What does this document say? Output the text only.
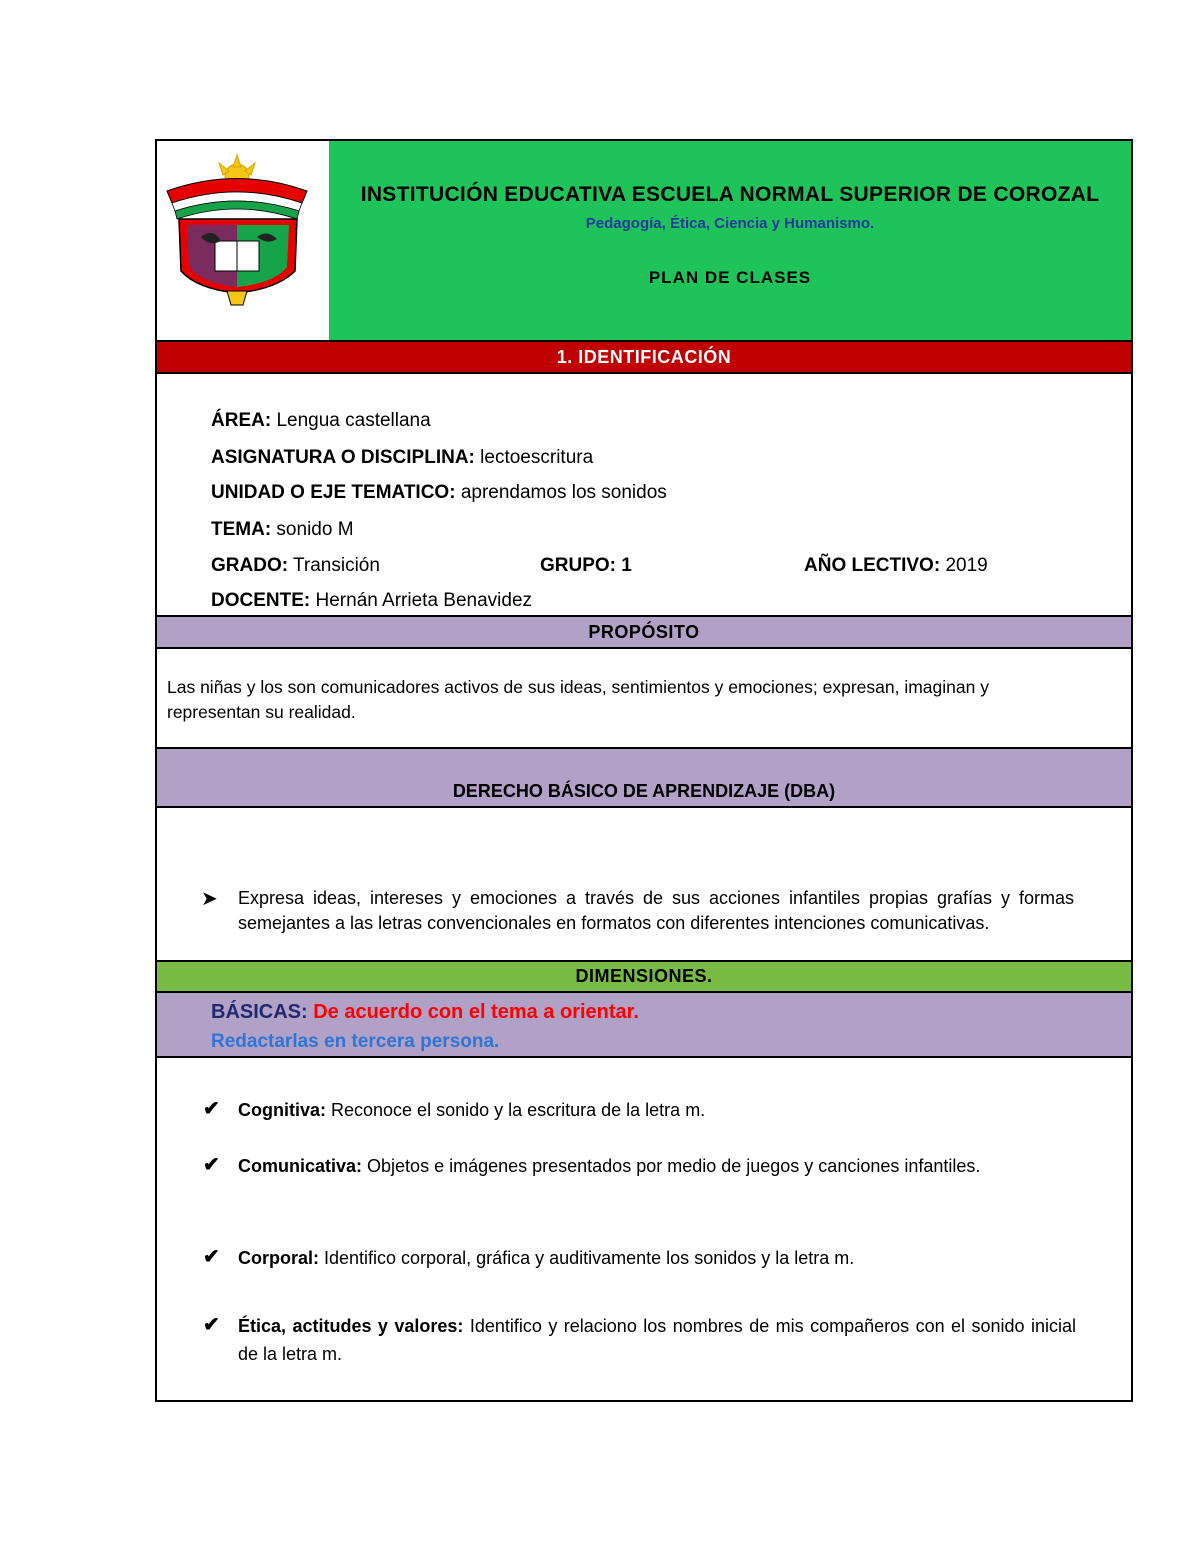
INSTITUCIÓN EDUCATIVA ESCUELA NORMAL SUPERIOR DE COROZAL
Pedagogía, Ética, Ciencia y Humanismo.
PLAN DE CLASES
1. IDENTIFICACIÓN
ÁREA: Lengua castellana
ASIGNATURA O DISCIPLINA: lectoescritura
UNIDAD O EJE TEMATICO: aprendamos los sonidos
TEMA: sonido M
GRADO: Transición	GRUPO: 1	AÑO LECTIVO: 2019
DOCENTE: Hernán Arrieta Benavidez
PROPÓSITO
Las niñas y los son comunicadores activos de sus ideas, sentimientos y emociones; expresan, imaginan y representan su realidad.
DERECHO BÁSICO DE APRENDIZAJE (DBA)
➤ Expresa ideas, intereses y emociones a través de sus acciones infantiles propias grafías y formas semejantes a las letras convencionales en formatos con diferentes intenciones comunicativas.
DIMENSIONES.
BÁSICAS: De acuerdo con el tema a orientar.
Redactarlas en tercera persona.
✔ Cognitiva: Reconoce el sonido y la escritura de la letra m.
✔ Comunicativa: Objetos e imágenes presentados por medio de juegos y canciones infantiles.
✔ Corporal: Identifico corporal, gráfica y auditivamente los sonidos y la letra m.
✔ Ética, actitudes y valores: Identifico y relaciono los nombres de mis compañeros con el sonido inicial de la letra m.
